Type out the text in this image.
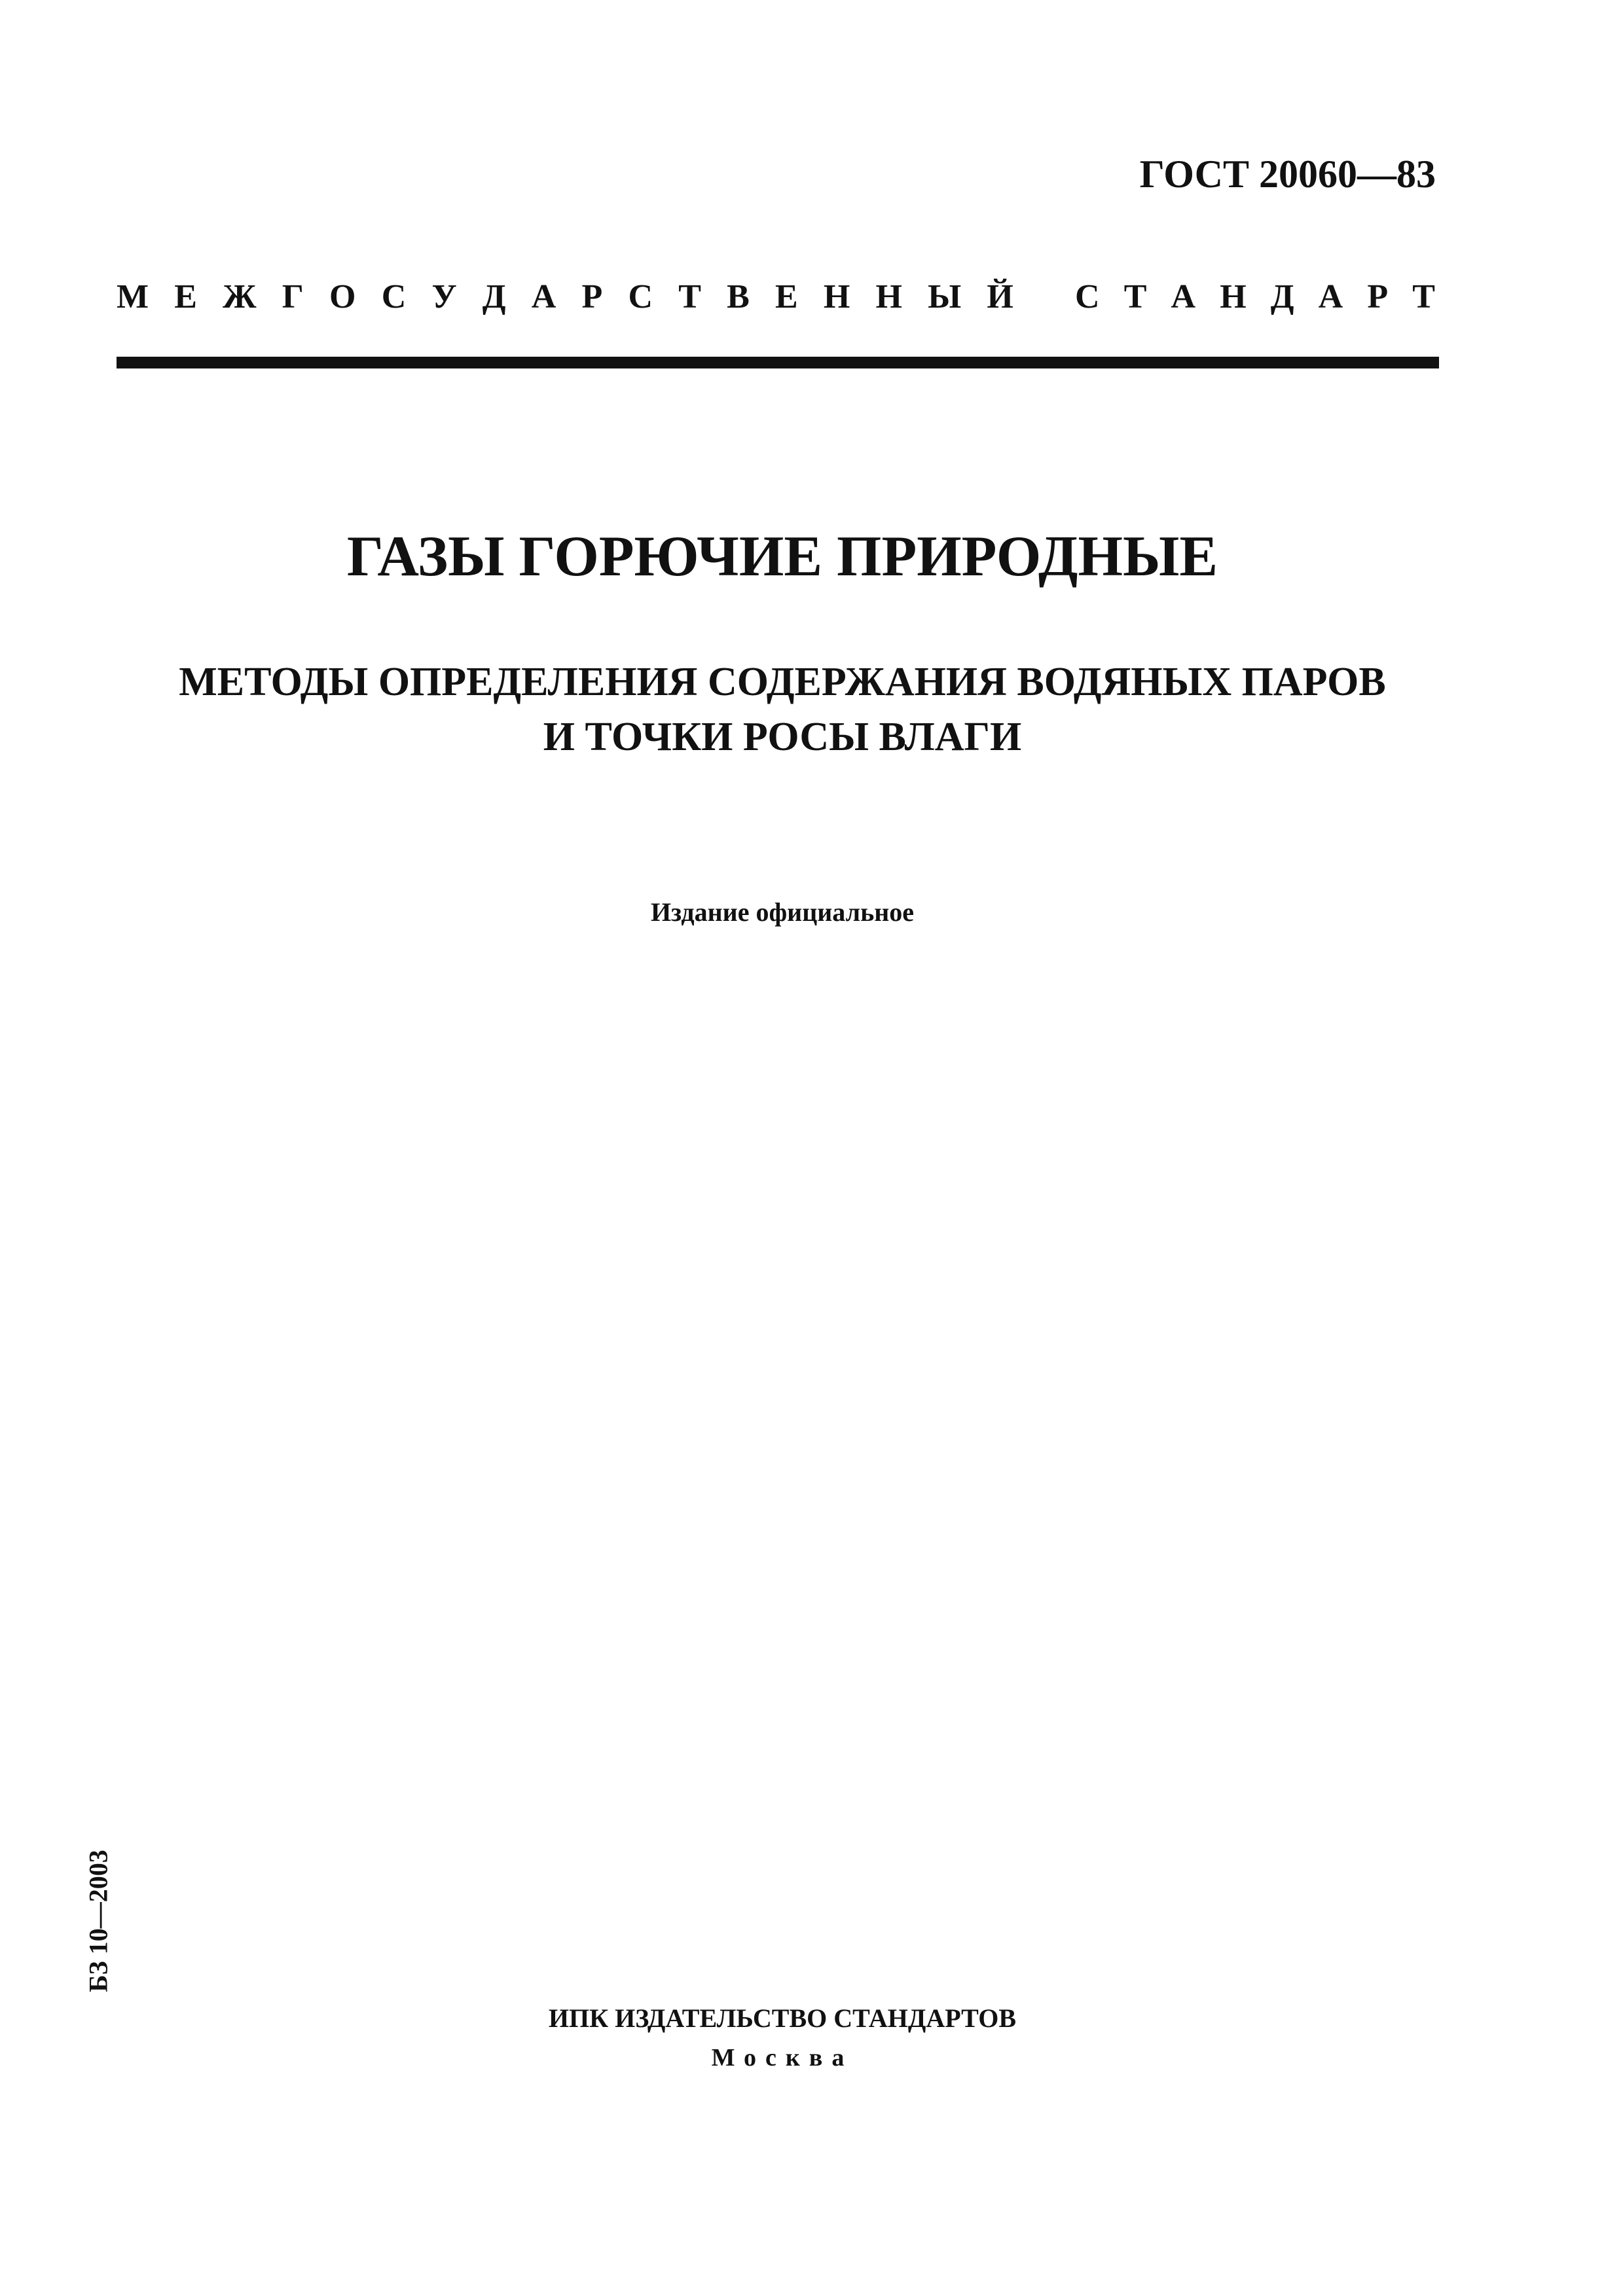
ГОСТ 20060—83
М Е Ж Г О С У Д А Р С Т В Е Н Н Ы Й С Т А Н Д А Р Т
ГАЗЫ ГОРЮЧИЕ ПРИРОДНЫЕ
МЕТОДЫ ОПРЕДЕЛЕНИЯ СОДЕРЖАНИЯ ВОДЯНЫХ ПАРОВ
И ТОЧКИ РОСЫ ВЛАГИ
Издание официальное
БЗ 10—2003
ИПК ИЗДАТЕЛЬСТВО СТАНДАРТОВ
Москва
